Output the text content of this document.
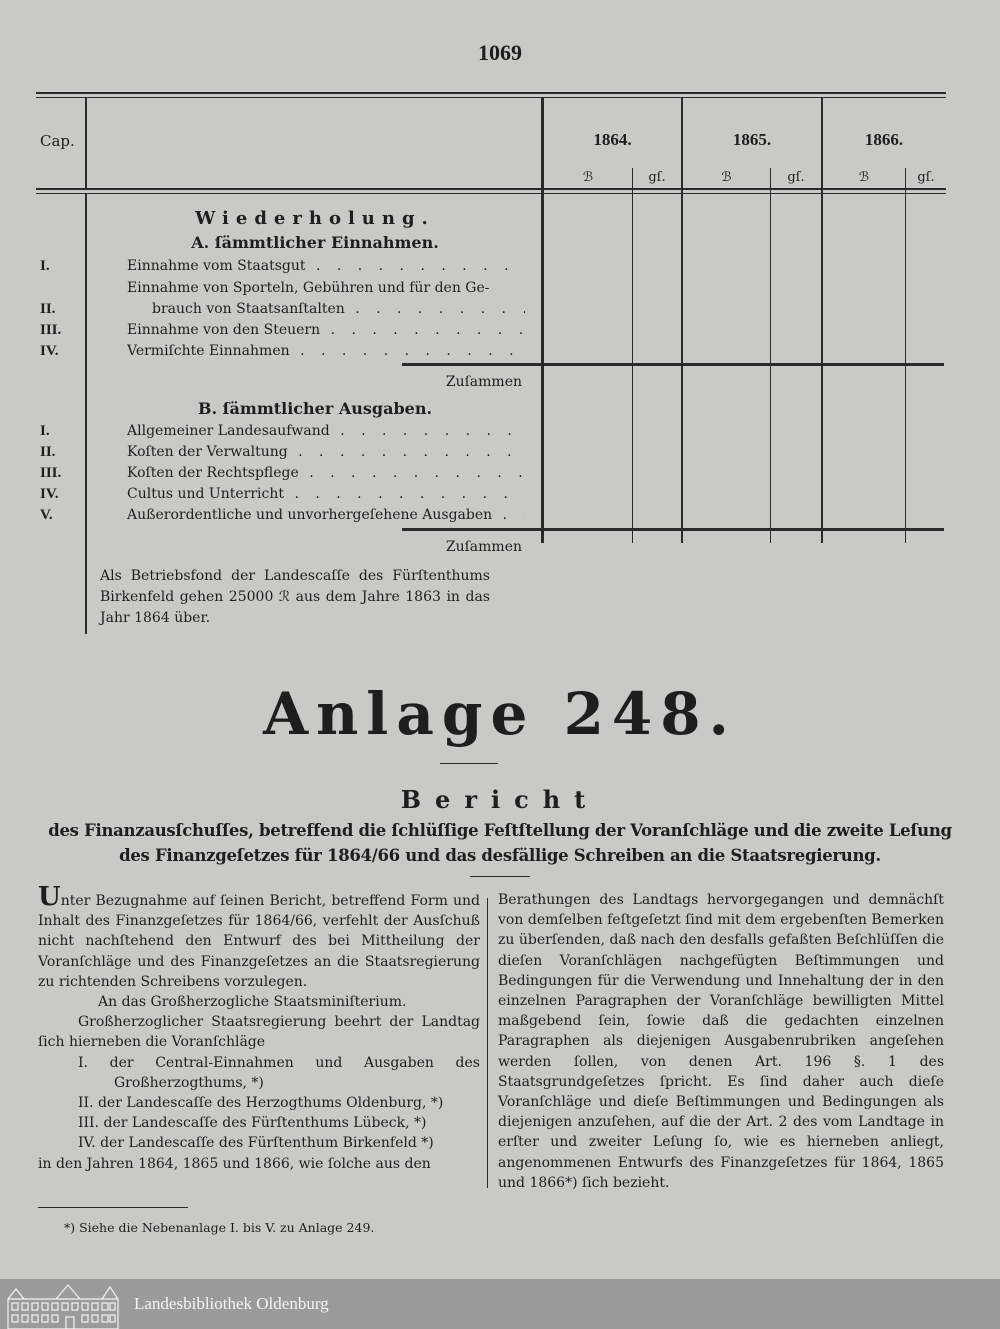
1069
Cap.	1864.	1865.	1866.
ℬ	gſ.	ℬ	gſ.	ℬ	gſ.
Wiederholung.
A. ſämmtlicher Einnahmen.
I.	Einnahme vom Staatsgut . . .
Einnahme von Sporteln, Gebühren und für den Ge-
II.	brauch von Staatsanſtalten . . .
III.	Einnahme von den Steuern . . .
IV.	Vermiſchte Einnahmen . . .
Zuſammen
B. ſämmtlicher Ausgaben.
I.	Allgemeiner Landesaufwand . . .
II.	Koſten der Verwaltung . . .
III.	Koſten der Rechtspflege . . .
IV.	Cultus und Unterricht . . .
V.	Außerordentliche und unvorhergeſehene Ausgaben . . .
Zuſammen
Als Betriebsfond der Landescaſſe des Fürſtenthums Birkenfeld gehen 25000 ℛ aus dem Jahre 1863 in das Jahr 1864 über.
Anlage 248.
Bericht
des Finanzausſchuſſes, betreffend die ſchlüſſige Feſtſtellung der Voranſchläge und die zweite Leſung
des Finanzgeſetzes für 1864/66 und das desfällige Schreiben an die Staatsregierung.

Unter Bezugnahme auf ſeinen Bericht, betreffend Form und Inhalt des Finanzgeſetzes für 1864/66, verfehlt der Ausſchuß nicht nachſtehend den Entwurf des bei Mittheilung der Voranſchläge und des Finanzgeſetzes an die Staatsregierung zu richtenden Schreibens vorzulegen.

An das Großherzogliche Staatsminiſterium.

Großherzoglicher Staatsregierung beehrt der Landtag ſich hierneben die Voranſchläge

I. der Central-Einnahmen und Ausgaben des Großherzogthums, *)

II. der Landescaſſe des Herzogthums Oldenburg, *)

III. der Landescaſſe des Fürſtenthums Lübeck, *)

IV. der Landescaſſe des Fürſtenthum Birkenfeld *)

in den Jahren 1864, 1865 und 1866, wie ſolche aus den

Berathungen des Landtags hervorgegangen und demnächſt von demſelben feſtgeſetzt ſind mit dem ergebenſten Bemerken zu überſenden, daß nach den desfalls gefaßten Beſchlüſſen die dieſen Voranſchlägen nachgefügten Beſtimmungen und Bedingungen für die Verwendung und Innehaltung der in den einzelnen Paragraphen der Voranſchläge bewilligten Mittel maßgebend ſein, ſowie daß die gedachten einzelnen Paragraphen als diejenigen Ausgabenrubriken angeſehen werden ſollen, von denen Art. 196 §. 1 des Staatsgrundgeſetzes ſpricht. Es ſind daher auch dieſe Voranſchläge und dieſe Beſtimmungen und Bedingungen als diejenigen anzuſehen, auf die der Art. 2 des vom Landtage in erſter und zweiter Leſung ſo, wie es hierneben anliegt, angenommenen Entwurfs des Finanzgeſetzes für 1864, 1865 und 1866*) ſich bezieht.

*) Siehe die Nebenanlage I. bis V. zu Anlage 249.
Landesbibliothek Oldenburg
